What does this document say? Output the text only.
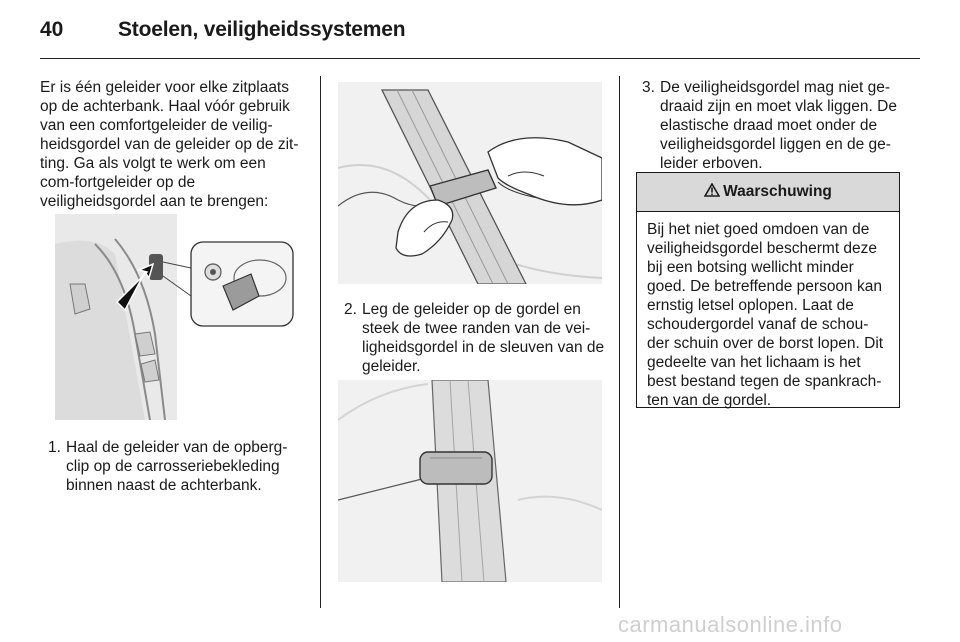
40	Stoelen, veiligheidssystemen

Er is één geleider voor elke zitplaats op de achterbank. Haal vóór gebruik van een comfortgeleider de veilig-heidsgordel van de geleider op de zit-ting. Ga als volgt te werk om een com-fortgeleider op de veiligheidsgordel aan te brengen:

1. Haal de geleider van de opberg-clip op de carrosseriebekleding binnen naast de achterbank.
2. Leg de geleider op de gordel en steek de twee randen van de vei-ligheidsgordel in de sleuven van de geleider.
3. De veiligheidsgordel mag niet ge-draaid zijn en moet vlak liggen. De elastische draad moet onder de veiligheidsgordel liggen en de ge-leider erboven.
Waarschuwing
Bij het niet goed omdoen van de veiligheidsgordel beschermt deze bij een botsing wellicht minder goed. De betreffende persoon kan ernstig letsel oplopen. Laat de schoudergordel vanaf de schou-der schuin over de borst lopen. Dit gedeelte van het lichaam is het best bestand tegen de spankrach-ten van de gordel.
carmanualsonline.info
